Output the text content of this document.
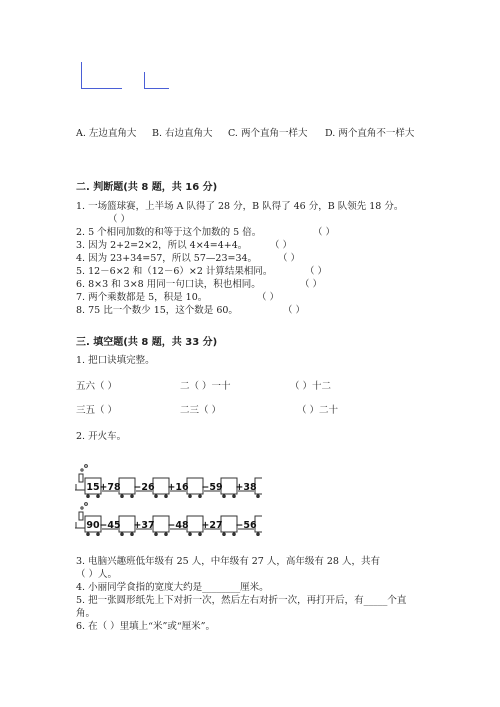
A. 左边直角大 B. 右边直角大 C. 两个直角一样大 D. 两个直角不一样大
二. 判断题(共 8 题，共 16 分)
1. 一场篮球赛，上半场 A 队得了 28 分，B 队得了 46 分，B 队领先 18 分。
（ ）
2. 5 个相同加数的和等于这个加数的 5 倍。	（ ）
3. 因为 2+2=2×2，所以 4×4=4+4。 （ ）
4. 因为 23+34=57，所以 57—23=34。 （ ）
5. 12－6×2 和（12－6）×2 计算结果相同。	（ ）
6. 8×3 和 3×8 用同一句口诀，积也相同。	（ ）
7. 两个乘数都是 5，积是 10。	（ ）
8. 75 比一个数少 15，这个数是 60。	（ ）
三. 填空题(共 8 题，共 33 分)
1. 把口诀填完整。
五六（ ）	二（ ）一十	（ ）十二
三五（ ）	二三（ ）	（ ）二十
2. 开火车。
15 +78 −26 +16 −59 +38
90 −45 +37 −48 +27 −56
3. 电脑兴趣班低年级有 25 人，中年级有 27 人，高年级有 28 人，共有
（ ）人。
4. 小丽同学食指的宽度大约是________厘米。
5. 把一张圆形纸先上下对折一次，然后左右对折一次，再打开后，有_____个直
角。
6. 在（ ）里填上“米”或“厘米”。
